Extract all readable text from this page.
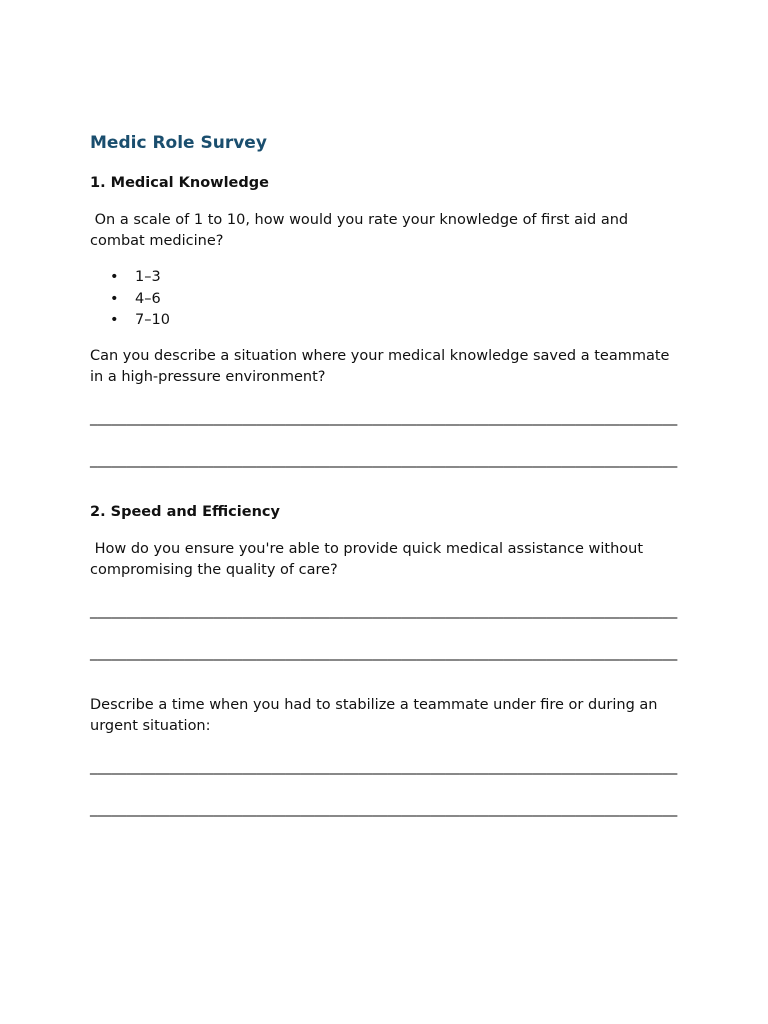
Medic Role Survey
1. Medical Knowledge

On a scale of 1 to 10, how would you rate your knowledge of first aid and combat medicine?

• 1–3
• 4–6
• 7–10

Can you describe a situation where your medical knowledge saved a teammate in a high-pressure environment?

_________________________________________________________________________________

_________________________________________________________________________________

2. Speed and Efficiency

How do you ensure you're able to provide quick medical assistance without compromising the quality of care?

_________________________________________________________________________________

_________________________________________________________________________________

Describe a time when you had to stabilize a teammate under fire or during an urgent situation:

_________________________________________________________________________________

_________________________________________________________________________________
